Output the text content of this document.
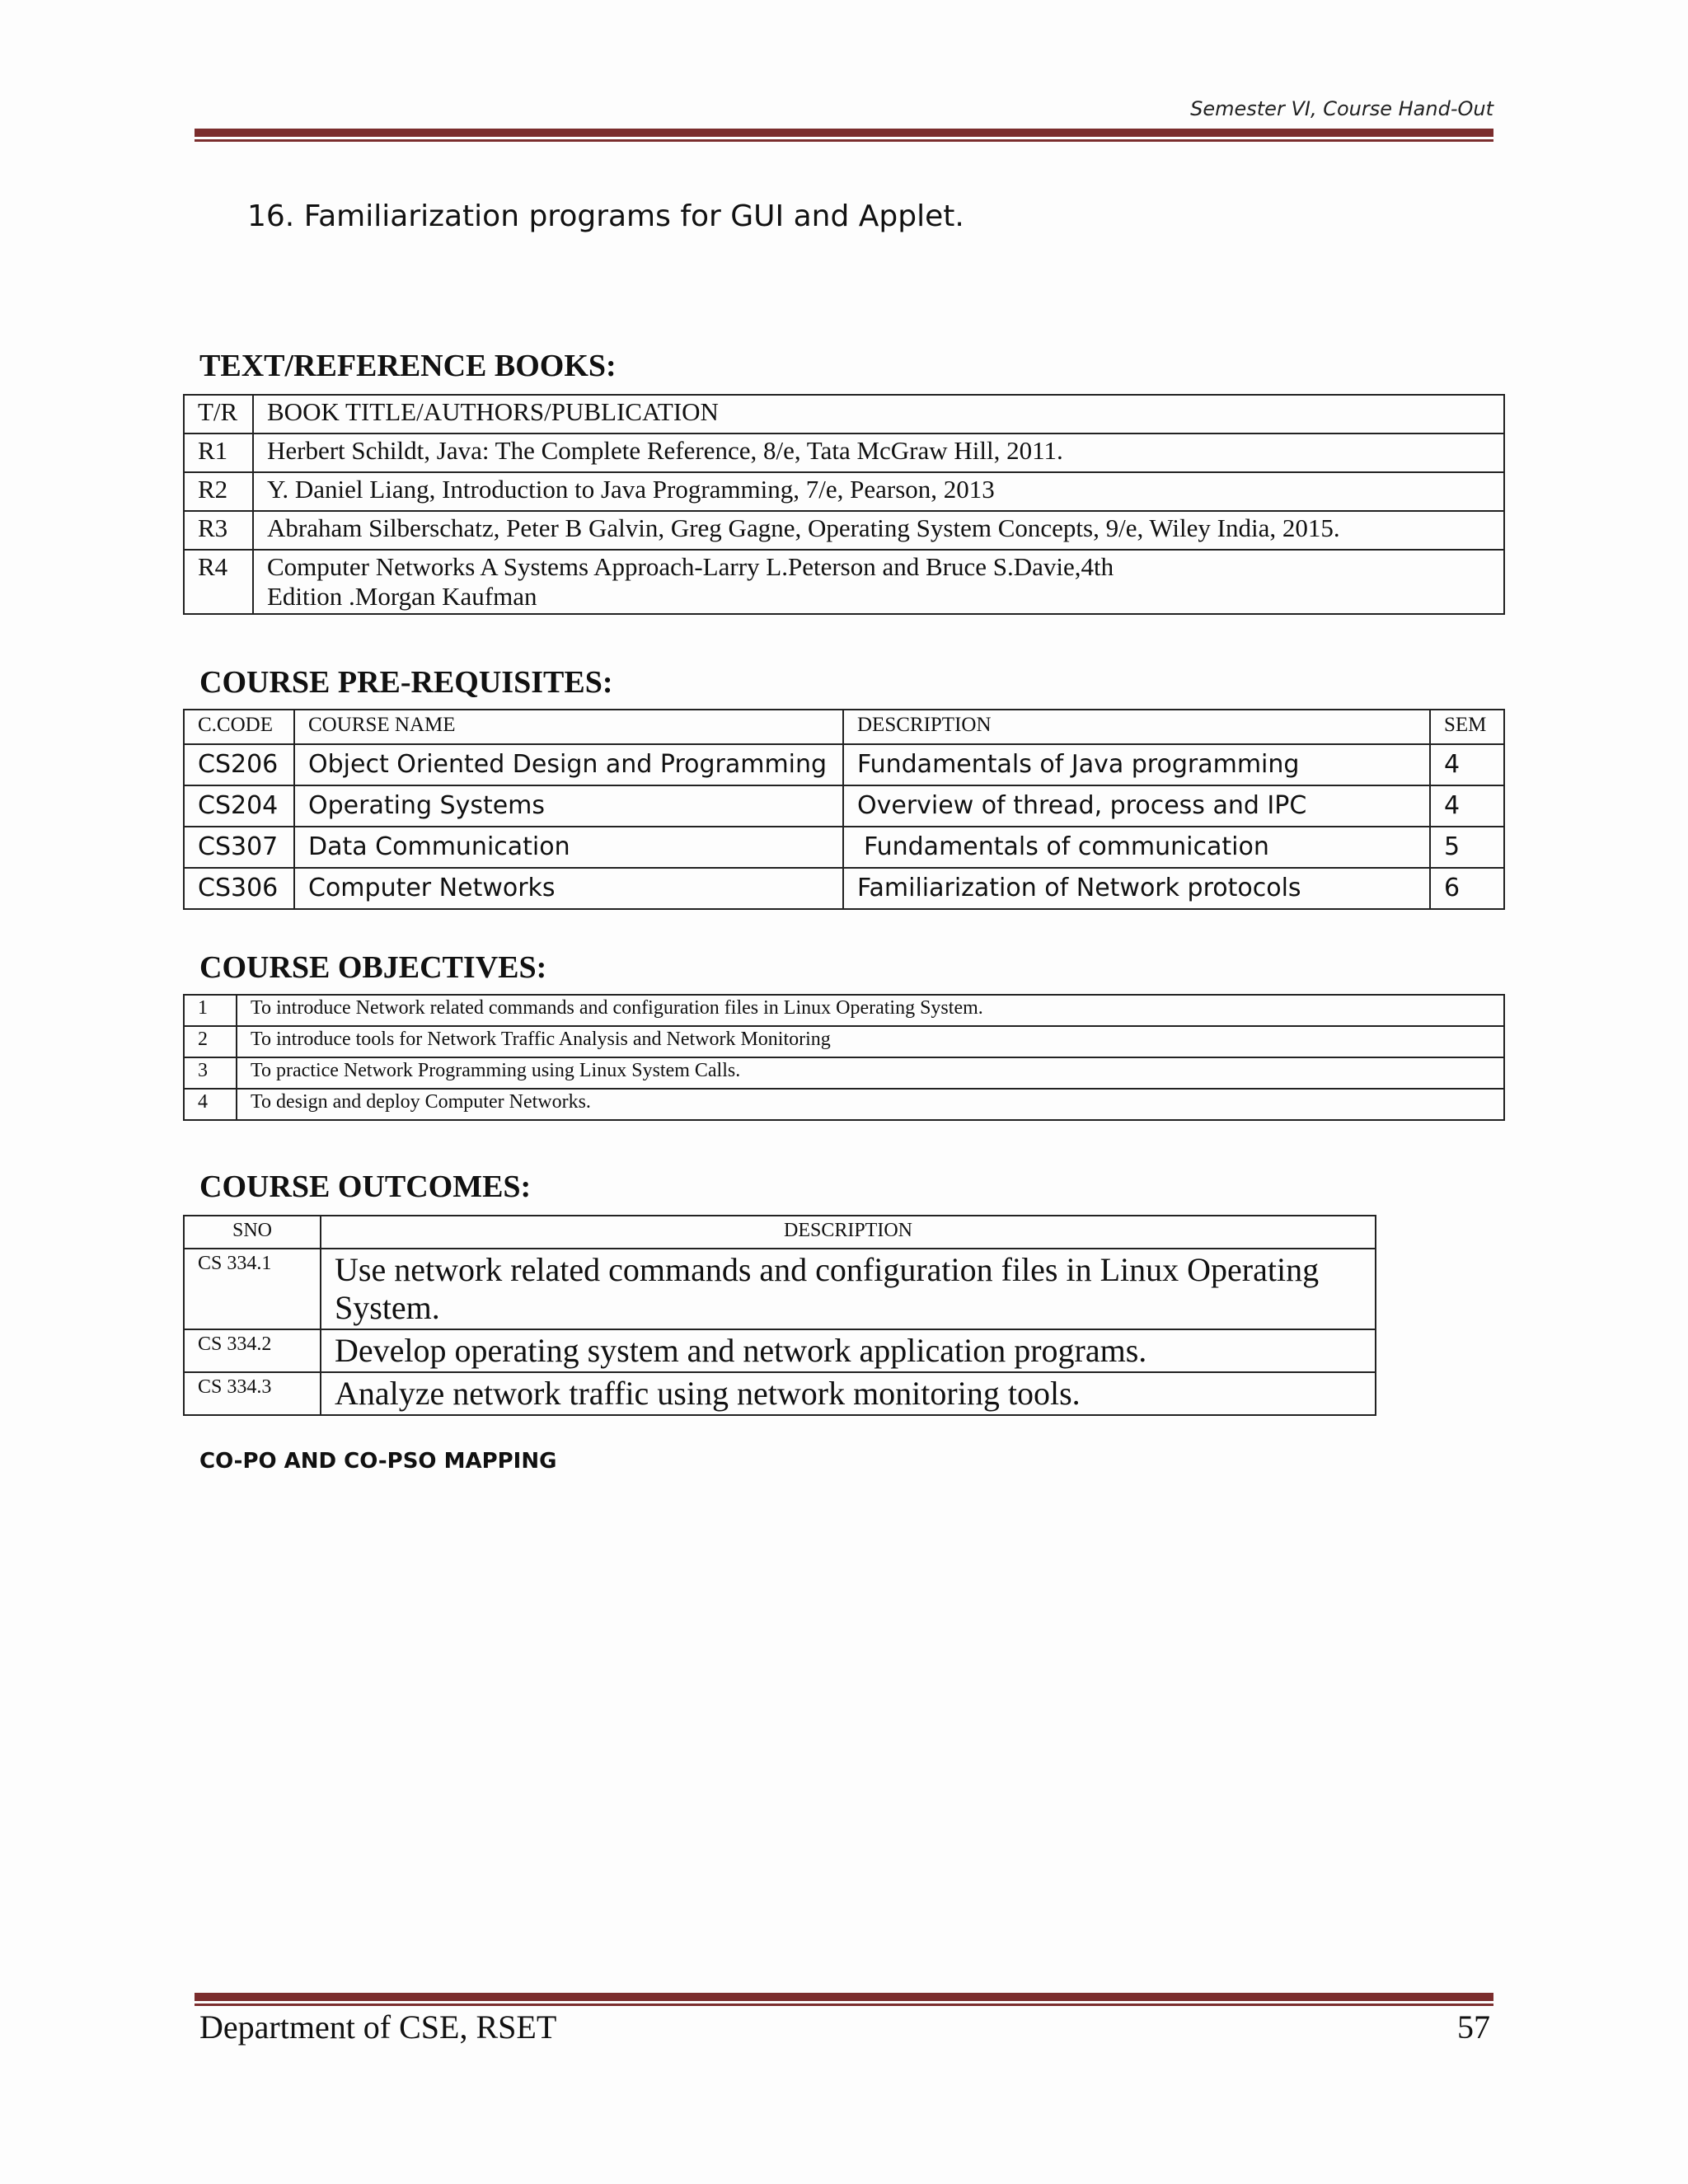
Semester VI, Course Hand-Out
16. Familiarization programs for GUI and Applet.
TEXT/REFERENCE BOOKS:
T/R	BOOK TITLE/AUTHORS/PUBLICATION
R1	Herbert Schildt, Java: The Complete Reference, 8/e, Tata McGraw Hill, 2011.
R2	Y. Daniel Liang, Introduction to Java Programming, 7/e, Pearson, 2013
R3	Abraham Silberschatz, Peter B Galvin, Greg Gagne, Operating System Concepts, 9/e, Wiley India, 2015.
R4	Computer Networks A Systems Approach-Larry L.Peterson and Bruce S.Davie,4th
Edition .Morgan Kaufman
COURSE PRE-REQUISITES:
C.CODE	COURSE NAME	DESCRIPTION	SEM
CS206	Object Oriented Design and Programming	Fundamentals of Java programming	4
CS204	Operating Systems	Overview of thread, process and IPC	4
CS307	Data Communication	Fundamentals of communication	5
CS306	Computer Networks	Familiarization of Network protocols	6
COURSE OBJECTIVES:
1	To introduce Network related commands and configuration files in Linux Operating System.
2	To introduce tools for Network Traffic Analysis and Network Monitoring
3	To practice Network Programming using Linux System Calls.
4	To design and deploy Computer Networks.
COURSE OUTCOMES:
SNO	DESCRIPTION
CS 334.1	Use network related commands and configuration files in Linux Operating System.
CS 334.2	Develop operating system and network application programs.
CS 334.3	Analyze network traffic using network monitoring tools.
CO-PO AND CO-PSO MAPPING
Department of CSE, RSET	57
